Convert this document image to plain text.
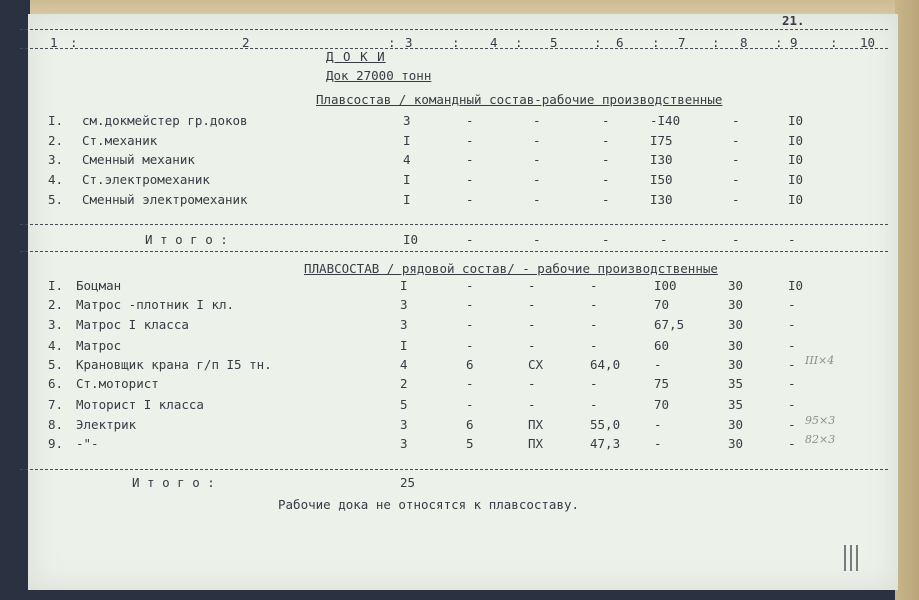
21.
1 :	2	: 3	: 4 : 5	: 6 : 7 : 8 : 9	: 10
Д О К И
Док 27000 тонн
Плавсостав / командный состав-рабочие производственные
I. см.докмейстер гр.доков	3	-	-	-	-I40	-	I0
2. Ст.механик	I	-	-	-	I75	-	I0
3. Сменный механик	4	-	-	-	I30	-	I0
4. Ст.электромеханик	I	-	-	-	I50	-	I0
5. Сменный электромеханик	I	-	-	-	I30	-	I0
И т о г о :	I0	-	-	-	-	-	-
ПЛАВСОСТАВ / рядовой состав/ - рабочие производственные
I. Боцман	I	-	-	-	I00	30	I0
2. Матрос -плотник I кл.	3	-	-	-	70	30	-
3. Матрос I класса	3	-	-	-	67,5	30	-
4. Матрос	I	-	-	-	60	30	-
5. Крановщик крана г/п I5 тн.	4	6	СХ	64,0	-	30	- III×4
6. Ст.моторист	2	-	-	-	75	35	-
7. Моторист I класса	5	-	-	-	70	35	-
8. Электрик	3	6	ПХ	55,0	-	30	- 95×3
9. -"-	3	5	ПХ	47,3	-	30	- 82×3
И т о г о :	25
Рабочие дока не относятся к плавсоставу.
